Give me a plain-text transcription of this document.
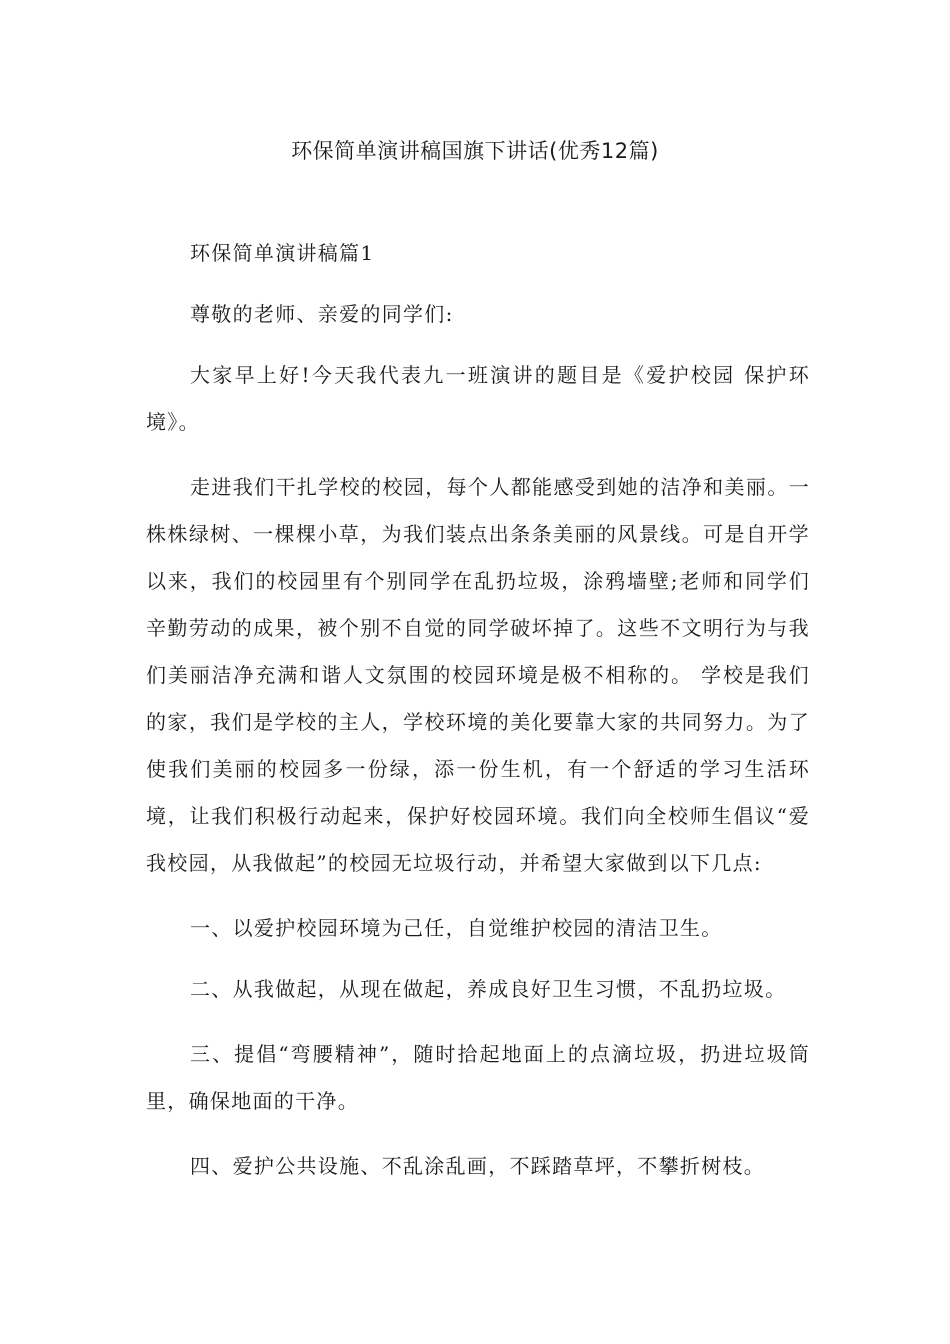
环保简单演讲稿国旗下讲话(优秀12篇)

环保简单演讲稿篇1

尊敬的老师、亲爱的同学们:

大家早上好!今天我代表九一班演讲的题目是《爱护校园 保护环境》。

走进我们干扎学校的校园，每个人都能感受到她的洁净和美丽。一株株绿树、一棵棵小草，为我们装点出条条美丽的风景线。可是自开学以来，我们的校园里有个别同学在乱扔垃圾，涂鸦墙壁;老师和同学们辛勤劳动的成果，被个别不自觉的同学破坏掉了。这些不文明行为与我们美丽洁净充满和谐人文氛围的校园环境是极不相称的。 学校是我们的家，我们是学校的主人，学校环境的美化要靠大家的共同努力。为了使我们美丽的校园多一份绿，添一份生机，有一个舒适的学习生活环境，让我们积极行动起来，保护好校园环境。我们向全校师生倡议“爱我校园，从我做起”的校园无垃圾行动，并希望大家做到以下几点:

一、以爱护校园环境为己任，自觉维护校园的清洁卫生。

二、从我做起，从现在做起，养成良好卫生习惯，不乱扔垃圾。

三、提倡“弯腰精神”，随时拾起地面上的点滴垃圾，扔进垃圾筒里，确保地面的干净。

四、爱护公共设施、不乱涂乱画，不踩踏草坪，不攀折树枝。
